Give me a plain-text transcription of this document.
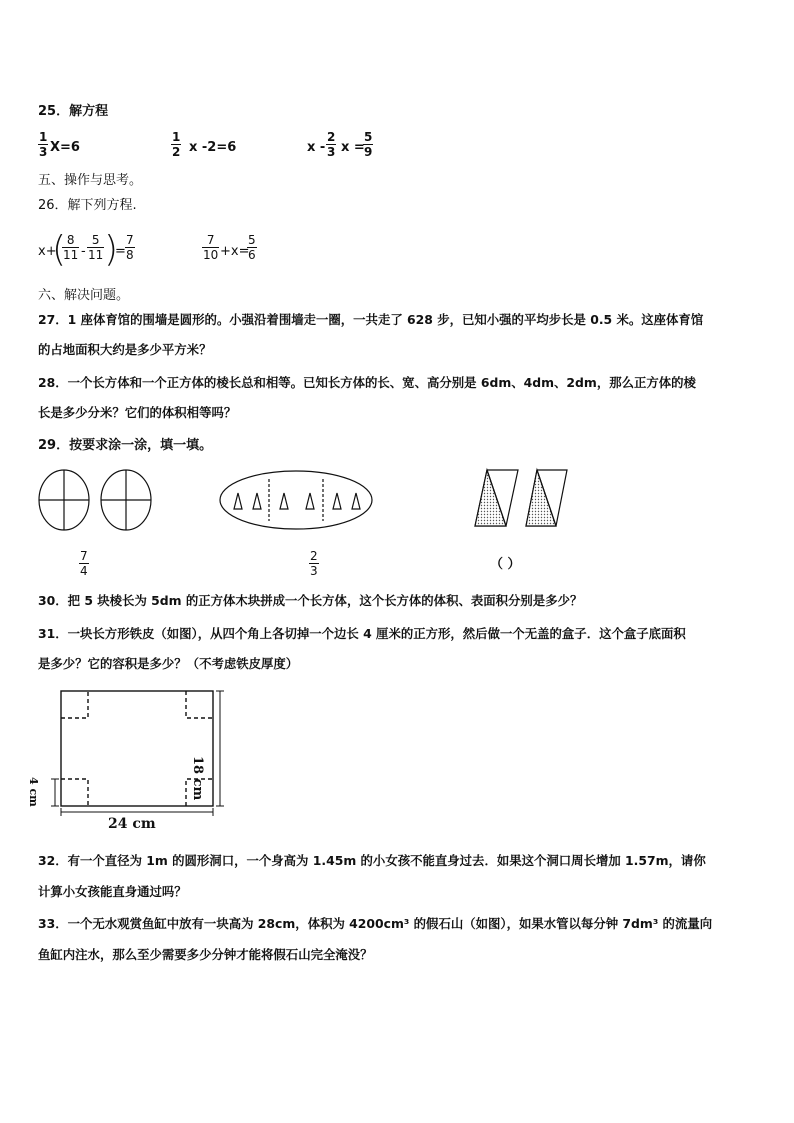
25．解方程
1
3 X=6
1
2 x -2=6	x -
2
3 x =
5
9
五、操作与思考。
26．解下列方程.
x+
( 8
11 -
5
11 )
=
7
8
7
10 +x=
5
6
六、解决问题。
27．1 座体育馆的围墙是圆形的。小强沿着围墙走一圈，一共走了 628 步，已知小强的平均步长是 0.5 米。这座体育馆
的占地面积大约是多少平方米？
28．一个长方体和一个正方体的棱长总和相等。已知长方体的长、宽、高分别是 6dm、4dm、2dm，那么正方体的棱
长是多少分米？它们的体积相等吗？
29．按要求涂一涂，填一填。
7
4
2
3	（ ）
30．把 5 块棱长为 5dm 的正方体木块拼成一个长方体，这个长方体的体积、表面积分别是多少？
31．一块长方形铁皮（如图），从四个角上各切掉一个边长 4 厘米的正方形，然后做一个无盖的盒子．这个盒子底面积
是多少？它的容积是多少？（不考虑铁皮厚度）
24 cm
18 cm
4 cm
32．有一个直径为 1m 的圆形洞口，一个身高为 1.45m 的小女孩不能直身过去．如果这个洞口周长增加 1.57m，请你
计算小女孩能直身通过吗？
33．一个无水观赏鱼缸中放有一块高为 28cm，体积为 4200cm³ 的假石山（如图），如果水管以每分钟 7dm³ 的流量向
鱼缸内注水，那么至少需要多少分钟才能将假石山完全淹没？
